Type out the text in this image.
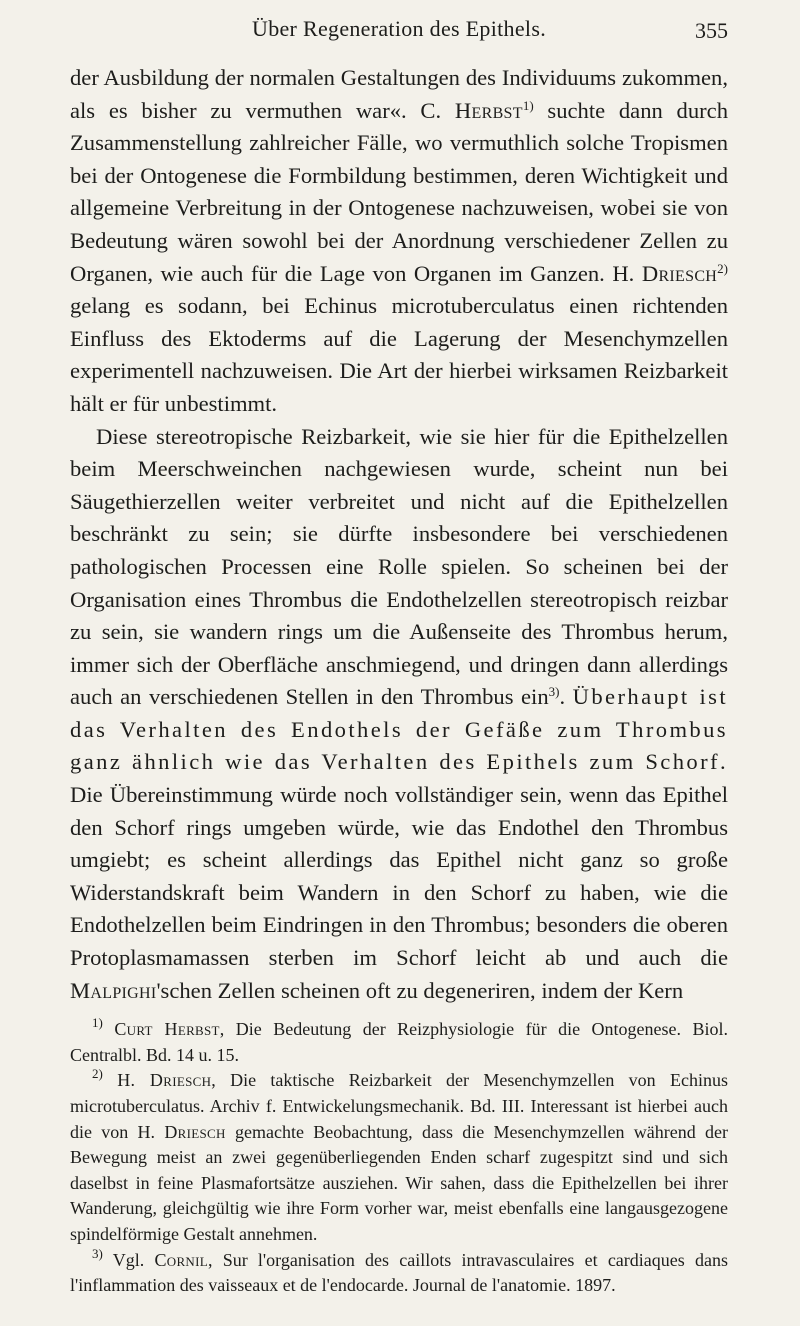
Über Regeneration des Epithels.	355

der Ausbildung der normalen Gestaltungen des Individuums zukommen, als es bisher zu vermuthen war«. C. Herbst$^{1)}$ suchte dann durch Zusammenstellung zahlreicher Fälle, wo vermuthlich solche Tropismen bei der Ontogenese die Formbildung bestimmen, deren Wichtigkeit und allgemeine Verbreitung in der Ontogenese nachzuweisen, wobei sie von Bedeutung wären sowohl bei der Anordnung verschiedener Zellen zu Organen, wie auch für die Lage von Organen im Ganzen. H. Driesch$^{2)}$ gelang es sodann, bei Echinus microtuberculatus einen richtenden Einfluss des Ektoderms auf die Lagerung der Mesenchymzellen experimentell nachzuweisen. Die Art der hierbei wirksamen Reizbarkeit hält er für unbestimmt.

Diese stereotropische Reizbarkeit, wie sie hier für die Epithelzellen beim Meerschweinchen nachgewiesen wurde, scheint nun bei Säugethierzellen weiter verbreitet und nicht auf die Epithelzellen beschränkt zu sein; sie dürfte insbesondere bei verschiedenen pathologischen Processen eine Rolle spielen. So scheinen bei der Organisation eines Thrombus die Endothelzellen stereotropisch reizbar zu sein, sie wandern rings um die Außenseite des Thrombus herum, immer sich der Oberfläche anschmiegend, und dringen dann allerdings auch an verschiedenen Stellen in den Thrombus ein$^{3)}$. Überhaupt ist das Verhalten des Endothels der Gefäße zum Thrombus ganz ähnlich wie das Verhalten des Epithels zum Schorf. Die Übereinstimmung würde noch vollständiger sein, wenn das Epithel den Schorf rings umgeben würde, wie das Endothel den Thrombus umgiebt; es scheint allerdings das Epithel nicht ganz so große Widerstandskraft beim Wandern in den Schorf zu haben, wie die Endothelzellen beim Eindringen in den Thrombus; besonders die oberen Protoplasmamassen sterben im Schorf leicht ab und auch die Malpighi'schen Zellen scheinen oft zu degeneriren, indem der Kern

$^{1)}$ Curt Herbst, Die Bedeutung der Reizphysiologie für die Ontogenese. Biol. Centralbl. Bd. 14 u. 15.

$^{2)}$ H. Driesch, Die taktische Reizbarkeit der Mesenchymzellen von Echinus microtuberculatus. Archiv f. Entwickelungsmechanik. Bd. III. Interessant ist hierbei auch die von H. Driesch gemachte Beobachtung, dass die Mesenchymzellen während der Bewegung meist an zwei gegenüberliegenden Enden scharf zugespitzt sind und sich daselbst in feine Plasmafortsätze ausziehen. Wir sahen, dass die Epithelzellen bei ihrer Wanderung, gleichgültig wie ihre Form vorher war, meist ebenfalls eine langausgezogene spindelförmige Gestalt annehmen.

$^{3)}$ Vgl. Cornil, Sur l'organisation des caillots intravasculaires et cardiaques dans l'inflammation des vaisseaux et de l'endocarde. Journal de l'anatomie. 1897.
